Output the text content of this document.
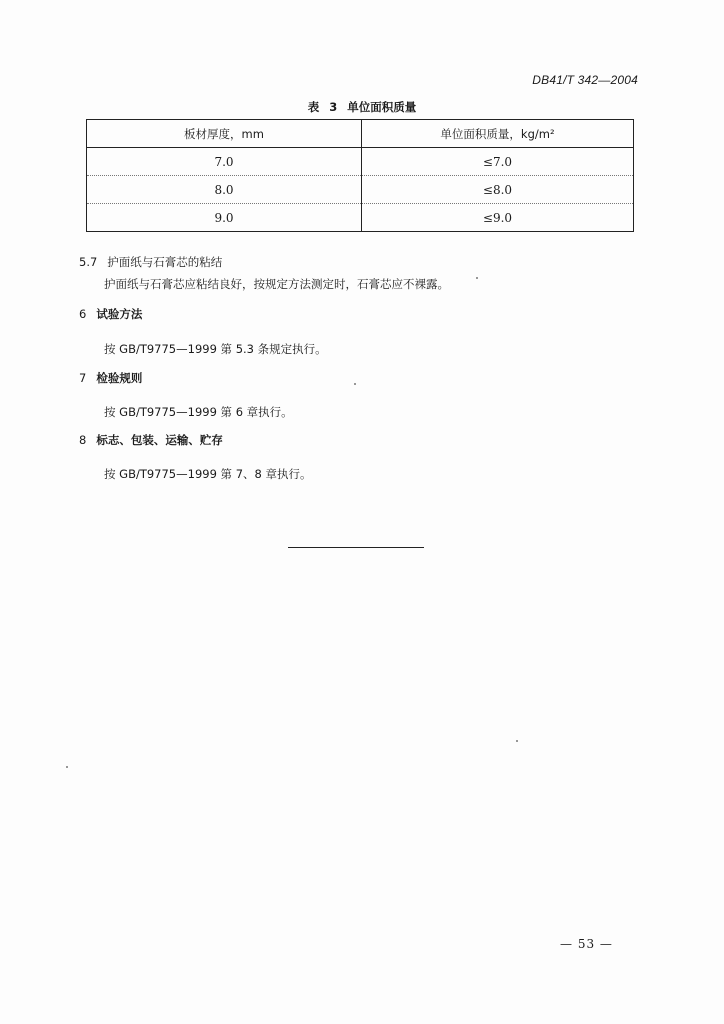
DB41/T 342—2004
表 3 单位面积质量
板材厚度，mm	单位面积质量，kg/m²
7.0	≤7.0
8.0	≤8.0
9.0	≤9.0
5.7 护面纸与石膏芯的粘结
护面纸与石膏芯应粘结良好，按规定方法测定时，石膏芯应不裸露。
6 试验方法
按 GB/T9775—1999 第 5.3 条规定执行。
7 检验规则
按 GB/T9775—1999 第 6 章执行。
8 标志、包装、运输、贮存
按 GB/T9775—1999 第 7、8 章执行。
— 53 —
